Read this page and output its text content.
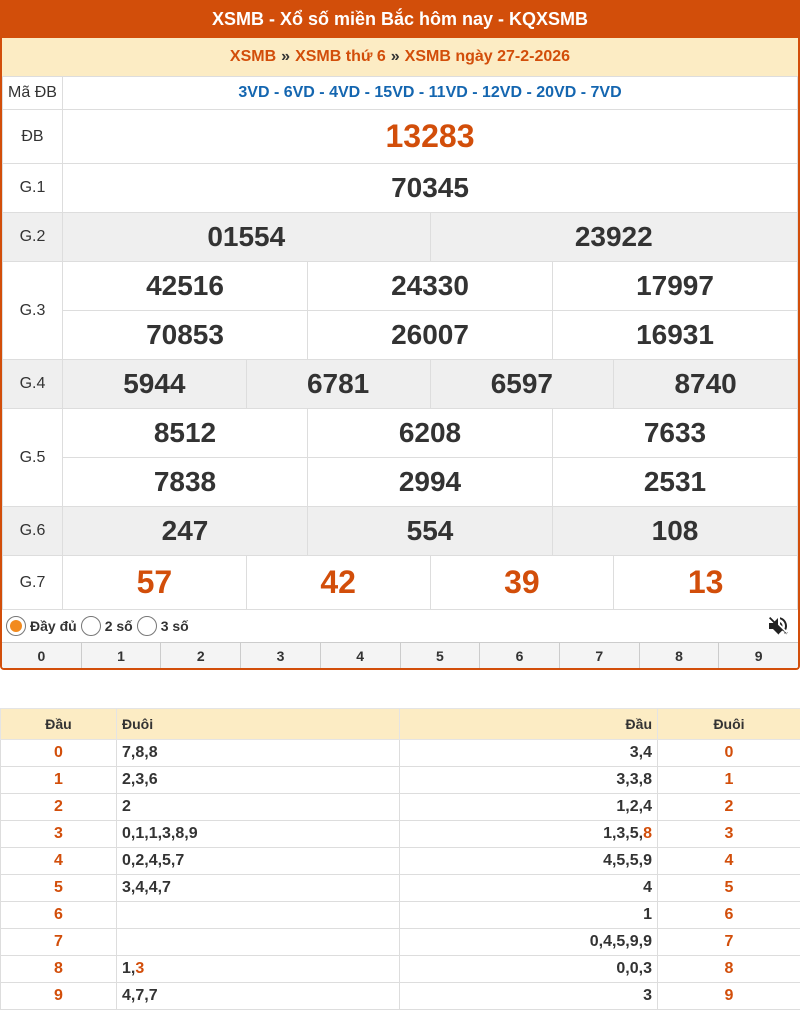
XSMB - Xổ số miền Bắc hôm nay - KQXSMB
XSMB » XSMB thứ 6 » XSMB ngày 27-2-2026
Mã ĐB	3VD - 6VD - 4VD - 15VD - 11VD - 12VD - 20VD - 7VD					
ĐB	13283					
G.1	70345					
G.2	01554			23922		
G.3	42516		24330		17997	
	70853		26007		16931	
G.4	5944	6781		6597		8740
G.5	8512		6208		7633	
	7838		2994		2531	
G.6	247		554		108	
G.7	57	42		39		13
Đầy đủ 2 số 3 số
0	1	2	3	4	5	6	7	8	9
Đầu	Đuôi	Đầu	Đuôi
0	7,8,8	3,4	0
1	2,3,6	3,3,8	1
2	2	1,2,4	2
3	0,1,1,3,8,9	1,3,5,8	3
4	0,2,4,5,7	4,5,5,9	4
5	3,4,4,7	4	5
6		1	6
7		0,4,5,9,9	7
8	1,3	0,0,3	8
9	4,7,7	3	9
